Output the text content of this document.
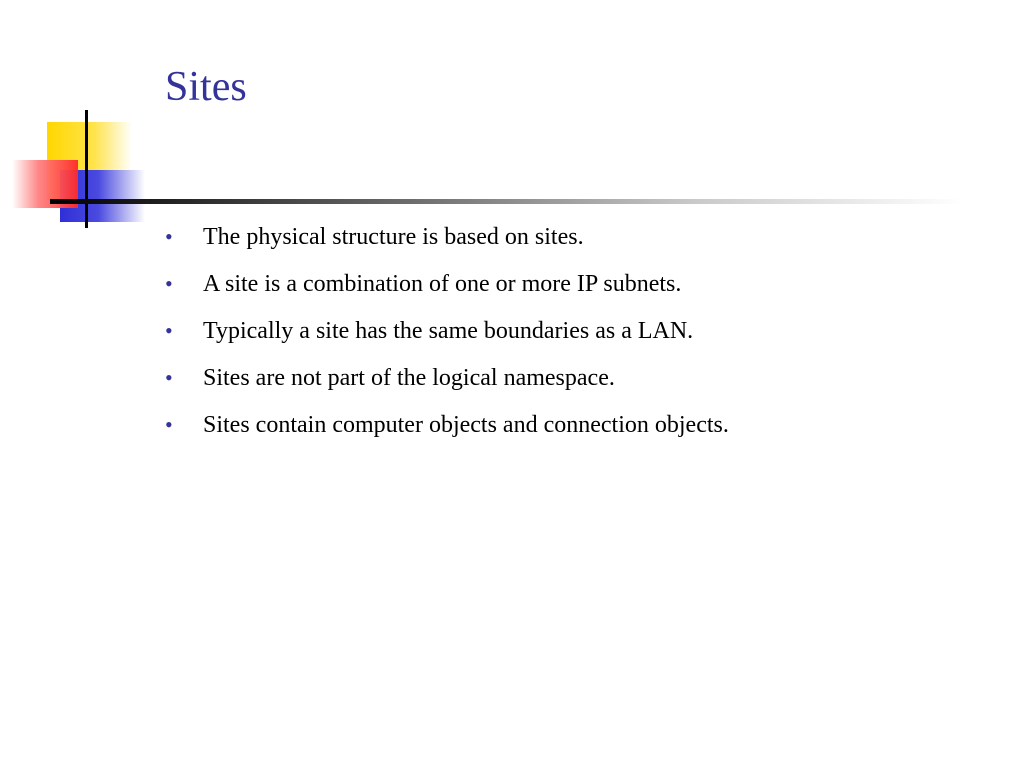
Sites
• The physical structure is based on sites.
• A site is a combination of one or more IP subnets.
• Typically a site has the same boundaries as a LAN.
• Sites are not part of the logical namespace.
• Sites contain computer objects and connection objects.
